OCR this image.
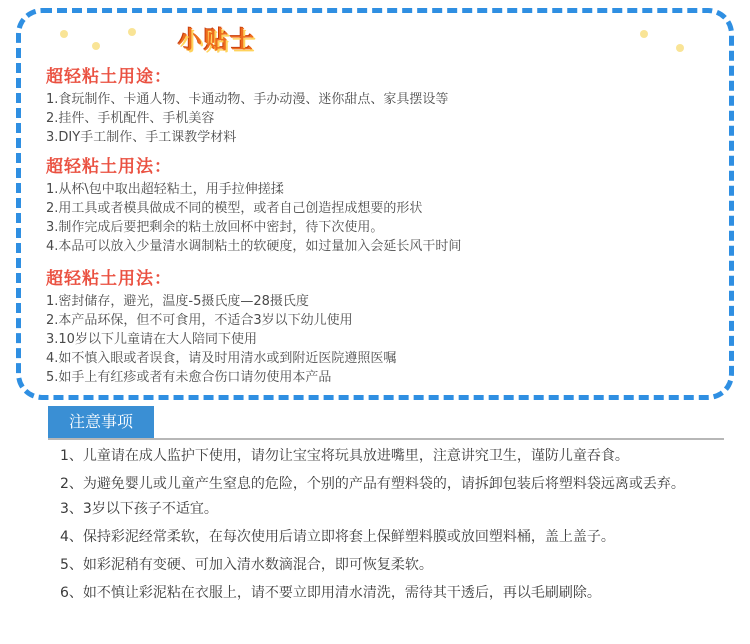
小贴士
超轻粘土用途：
1.食玩制作、卡通人物、卡通动物、手办动漫、迷你甜点、家具摆设等
2.挂件、手机配件、手机美容
3.DIY手工制作、手工课教学材料
超轻粘土用法：
1.从杯\包中取出超轻粘土，用手拉伸搓揉
2.用工具或者模具做成不同的模型，或者自己创造捏成想要的形状
3.制作完成后要把剩余的粘土放回杯中密封，待下次使用。
4.本品可以放入少量清水调制粘土的软硬度，如过量加入会延长风干时间
超轻粘土用法：
1.密封储存，避光，温度-5摄氏度—28摄氏度
2.本产品环保，但不可食用，不适合3岁以下幼儿使用
3.10岁以下儿童请在大人陪同下使用
4.如不慎入眼或者误食，请及时用清水或到附近医院遵照医嘱
5.如手上有红疹或者有未愈合伤口请勿使用本产品
注意事项
1、儿童请在成人监护下使用，请勿让宝宝将玩具放进嘴里，注意讲究卫生，谨防儿童吞食。
2、为避免婴儿或儿童产生窒息的危险，个别的产品有塑料袋的，请拆卸包装后将塑料袋远离或丢弃。
3、3岁以下孩子不适宜。
4、保持彩泥经常柔软，在每次使用后请立即将套上保鲜塑料膜或放回塑料桶，盖上盖子。
5、如彩泥稍有变硬、可加入清水数滴混合，即可恢复柔软。
6、如不慎让彩泥粘在衣服上，请不要立即用清水清洗，需待其干透后，再以毛刷刷除。
